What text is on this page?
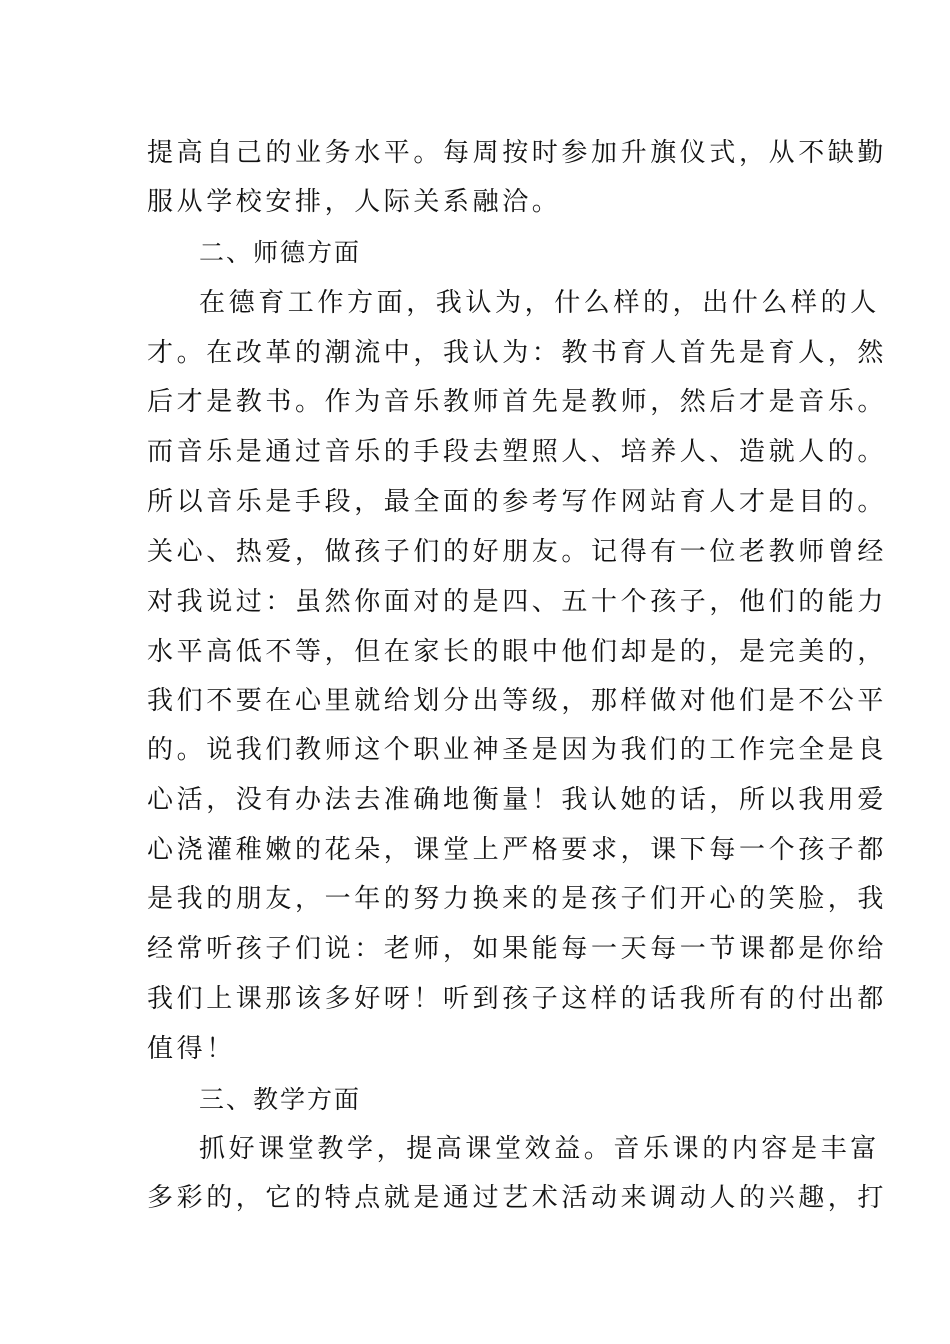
提高自己的业务水平。每周按时参加升旗仪式，从不缺勤
服从学校安排，人际关系融洽。
二、师德方面
在德育工作方面，我认为，什么样的，出什么样的人
才。在改革的潮流中，我认为：教书育人首先是育人，然
后才是教书。作为音乐教师首先是教师，然后才是音乐。
而音乐是通过音乐的手段去塑照人、培养人、造就人的。
所以音乐是手段，最全面的参考写作网站育人才是目的。
关心、热爱，做孩子们的好朋友。记得有一位老教师曾经
对我说过：虽然你面对的是四、五十个孩子，他们的能力
水平高低不等，但在家长的眼中他们却是的，是完美的，
我们不要在心里就给划分出等级，那样做对他们是不公平
的。说我们教师这个职业神圣是因为我们的工作完全是良
心活，没有办法去准确地衡量！我认她的话，所以我用爱
心浇灌稚嫩的花朵，课堂上严格要求，课下每一个孩子都
是我的朋友，一年的努力换来的是孩子们开心的笑脸，我
经常听孩子们说：老师，如果能每一天每一节课都是你给
我们上课那该多好呀！听到孩子这样的话我所有的付出都
值得！
三、教学方面
抓好课堂教学，提高课堂效益。音乐课的内容是丰富
多彩的，它的特点就是通过艺术活动来调动人的兴趣，打
